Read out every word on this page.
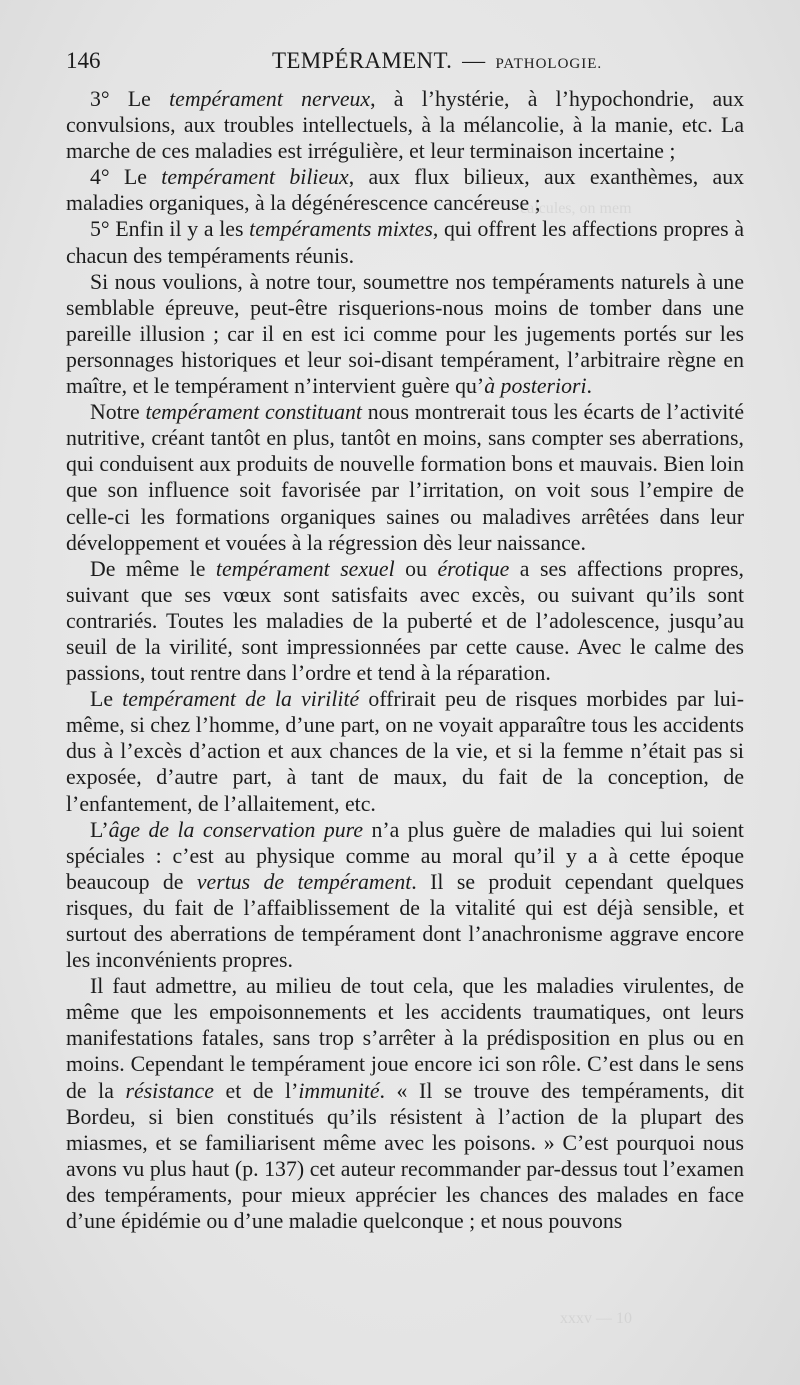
calcules, on mem
xxxv — 10
146	TEMPÉRAMENT. — PATHOLOGIE.

3° Le tempérament nerveux, à l’hystérie, à l’hypochondrie, aux convulsions, aux troubles intellectuels, à la mélancolie, à la manie, etc. La marche de ces maladies est irrégulière, et leur terminaison incertaine ;

4° Le tempérament bilieux, aux flux bilieux, aux exanthèmes, aux maladies organiques, à la dégénérescence cancéreuse ;

5° Enfin il y a les tempéraments mixtes, qui offrent les affections propres à chacun des tempéraments réunis.

Si nous voulions, à notre tour, soumettre nos tempéraments naturels à une semblable épreuve, peut-être risquerions-nous moins de tomber dans une pareille illusion ; car il en est ici comme pour les jugements portés sur les personnages historiques et leur soi-disant tempérament, l’arbitraire règne en maître, et le tempérament n’intervient guère qu’à posteriori.

Notre tempérament constituant nous montrerait tous les écarts de l’activité nutritive, créant tantôt en plus, tantôt en moins, sans compter ses aberrations, qui conduisent aux produits de nouvelle formation bons et mauvais. Bien loin que son influence soit favorisée par l’irritation, on voit sous l’empire de celle-ci les formations organiques saines ou maladives arrêtées dans leur développement et vouées à la régression dès leur naissance.

De même le tempérament sexuel ou érotique a ses affections propres, suivant que ses vœux sont satisfaits avec excès, ou suivant qu’ils sont contrariés. Toutes les maladies de la puberté et de l’adolescence, jusqu’au seuil de la virilité, sont impressionnées par cette cause. Avec le calme des passions, tout rentre dans l’ordre et tend à la réparation.

Le tempérament de la virilité offrirait peu de risques morbides par lui-même, si chez l’homme, d’une part, on ne voyait apparaître tous les accidents dus à l’excès d’action et aux chances de la vie, et si la femme n’était pas si exposée, d’autre part, à tant de maux, du fait de la conception, de l’enfantement, de l’allaitement, etc.

L’âge de la conservation pure n’a plus guère de maladies qui lui soient spéciales : c’est au physique comme au moral qu’il y a à cette époque beaucoup de vertus de tempérament. Il se produit cependant quelques risques, du fait de l’affaiblissement de la vitalité qui est déjà sensible, et surtout des aberrations de tempérament dont l’anachronisme aggrave encore les inconvénients propres.

Il faut admettre, au milieu de tout cela, que les maladies virulentes, de même que les empoisonnements et les accidents traumatiques, ont leurs manifestations fatales, sans trop s’arrêter à la prédisposition en plus ou en moins. Cependant le tempérament joue encore ici son rôle. C’est dans le sens de la résistance et de l’immunité. « Il se trouve des tempéraments, dit Bordeu, si bien constitués qu’ils résistent à l’action de la plupart des miasmes, et se familiarisent même avec les poisons. » C’est pourquoi nous avons vu plus haut (p. 137) cet auteur recommander par-dessus tout l’examen des tempéraments, pour mieux apprécier les chances des malades en face d’une épidémie ou d’une maladie quelconque ; et nous pouvons
